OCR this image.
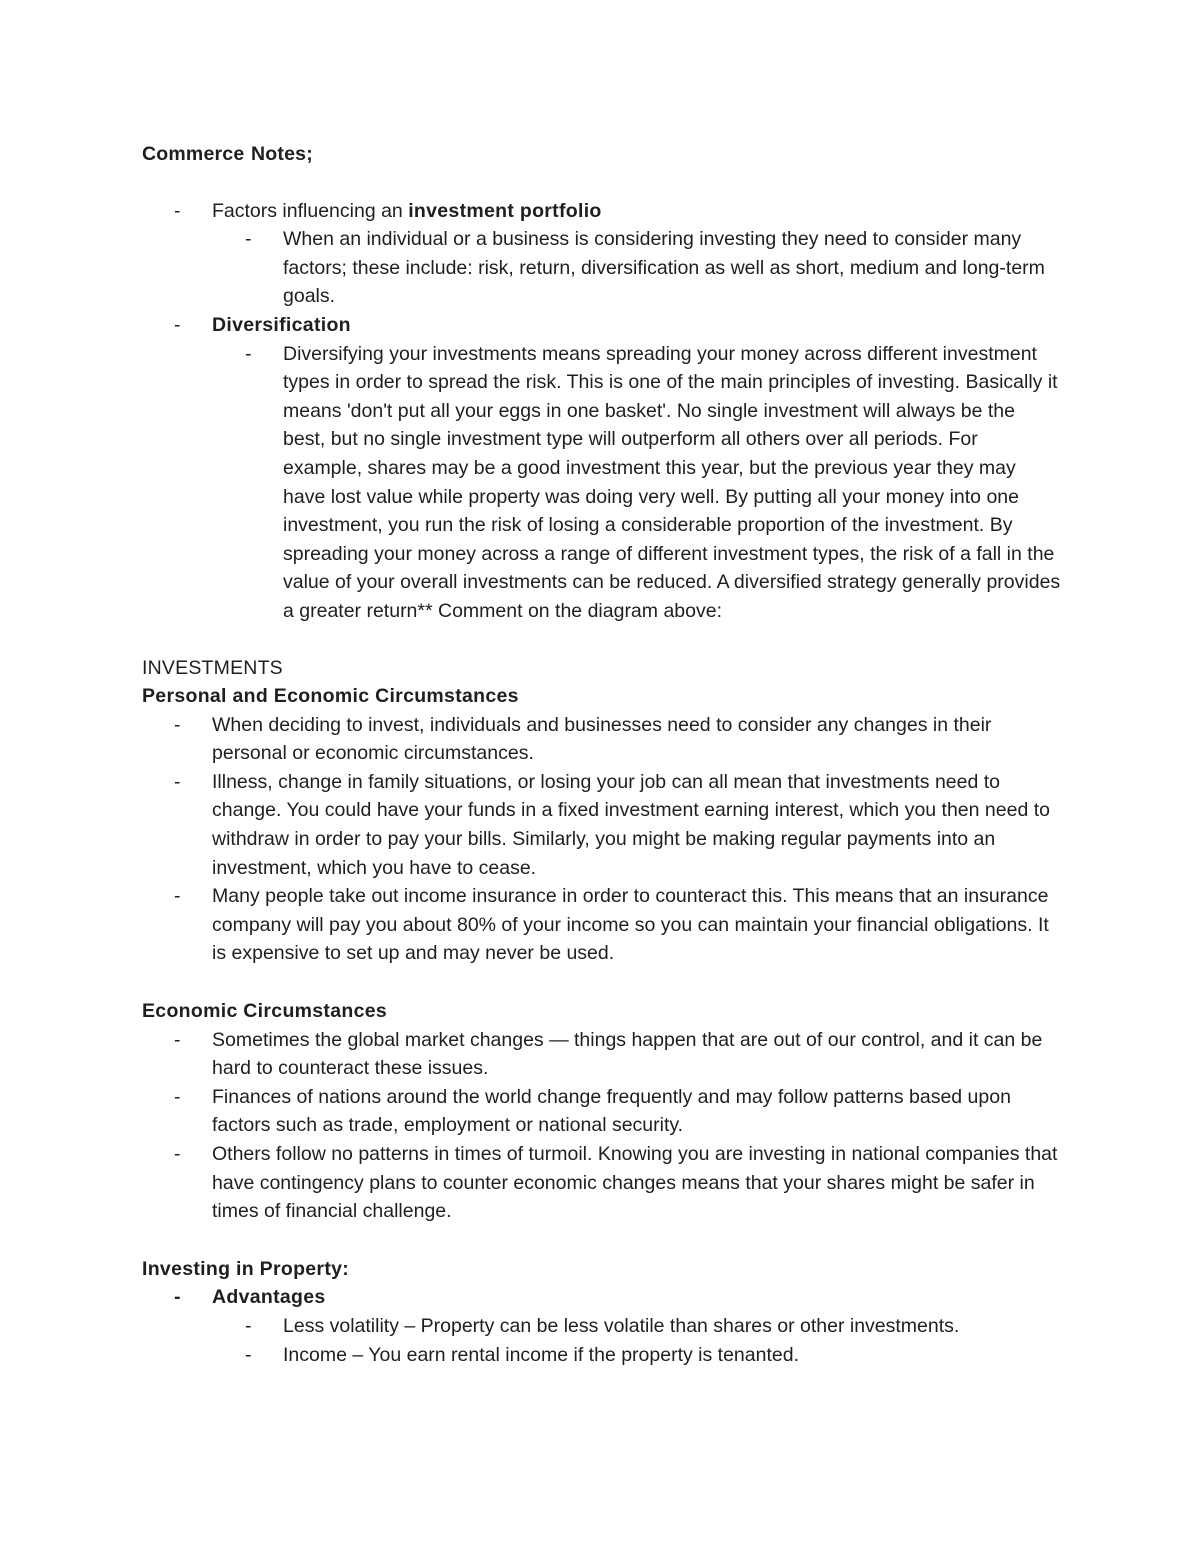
Commerce Notes;

- Factors influencing an investment portfolio
- When an individual or a business is considering investing they need to consider many factors; these include: risk, return, diversification as well as short, medium and long-term goals.
- Diversification
- Diversifying your investments means spreading your money across different investment types in order to spread the risk. This is one of the main principles of investing. Basically it means 'don't put all your eggs in one basket'. No single investment will always be the best, but no single investment type will outperform all others over all periods. For example, shares may be a good investment this year, but the previous year they may have lost value while property was doing very well. By putting all your money into one investment, you run the risk of losing a considerable proportion of the investment. By spreading your money across a range of different investment types, the risk of a fall in the value of your overall investments can be reduced. A diversified strategy generally provides a greater return** Comment on the diagram above:

INVESTMENTS

Personal and Economic Circumstances

- When deciding to invest, individuals and businesses need to consider any changes in their personal or economic circumstances.
- Illness, change in family situations, or losing your job can all mean that investments need to change. You could have your funds in a fixed investment earning interest, which you then need to withdraw in order to pay your bills. Similarly, you might be making regular payments into an investment, which you have to cease.
- Many people take out income insurance in order to counteract this. This means that an insurance company will pay you about 80% of your income so you can maintain your financial obligations. It is expensive to set up and may never be used.

Economic Circumstances

- Sometimes the global market changes — things happen that are out of our control, and it can be hard to counteract these issues.
- Finances of nations around the world change frequently and may follow patterns based upon factors such as trade, employment or national security.
- Others follow no patterns in times of turmoil. Knowing you are investing in national companies that have contingency plans to counter economic changes means that your shares might be safer in times of financial challenge.

Investing in Property:

- Advantages
- Less volatility – Property can be less volatile than shares or other investments.
- Income – You earn rental income if the property is tenanted.
